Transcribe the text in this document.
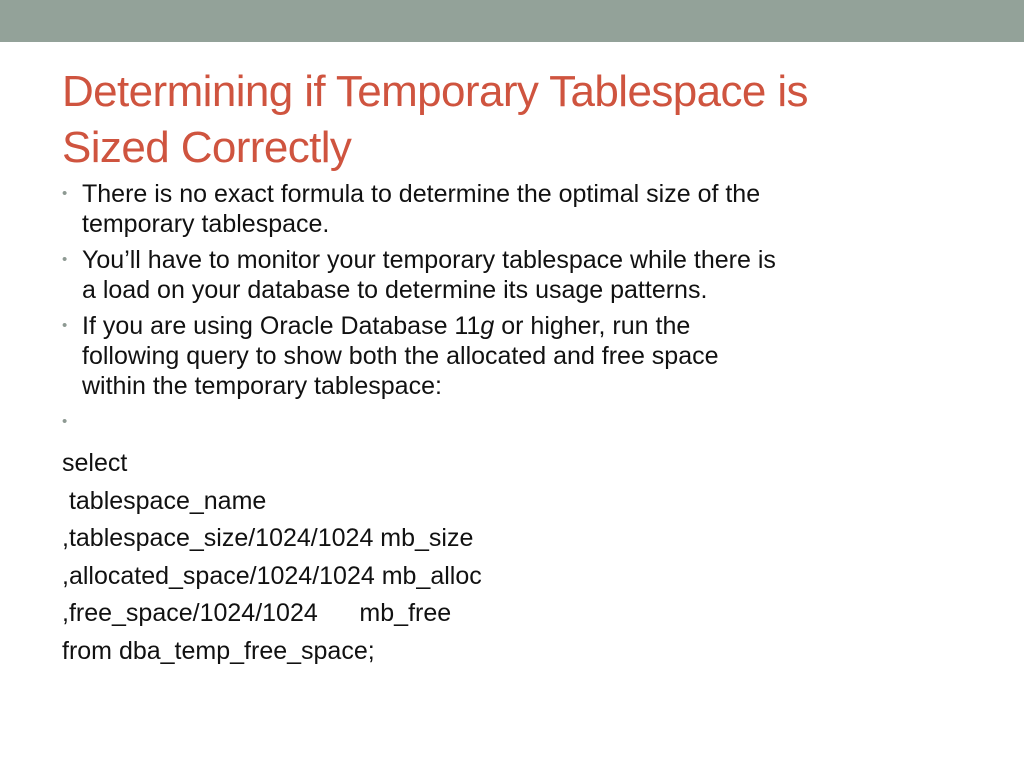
Determining if Temporary Tablespace is
Sized Correctly
• There is no exact formula to determine the optimal size of the
temporary tablespace.
• You’ll have to monitor your temporary tablespace while there is
a load on your database to determine its usage patterns.
• If you are using Oracle Database 11g or higher, run the
following query to show both the allocated and free space
within the temporary tablespace:
•
select
tablespace_name
,tablespace_size/1024/1024 mb_size
,allocated_space/1024/1024 mb_alloc
,free_space/1024/1024      mb_free
from dba_temp_free_space;
